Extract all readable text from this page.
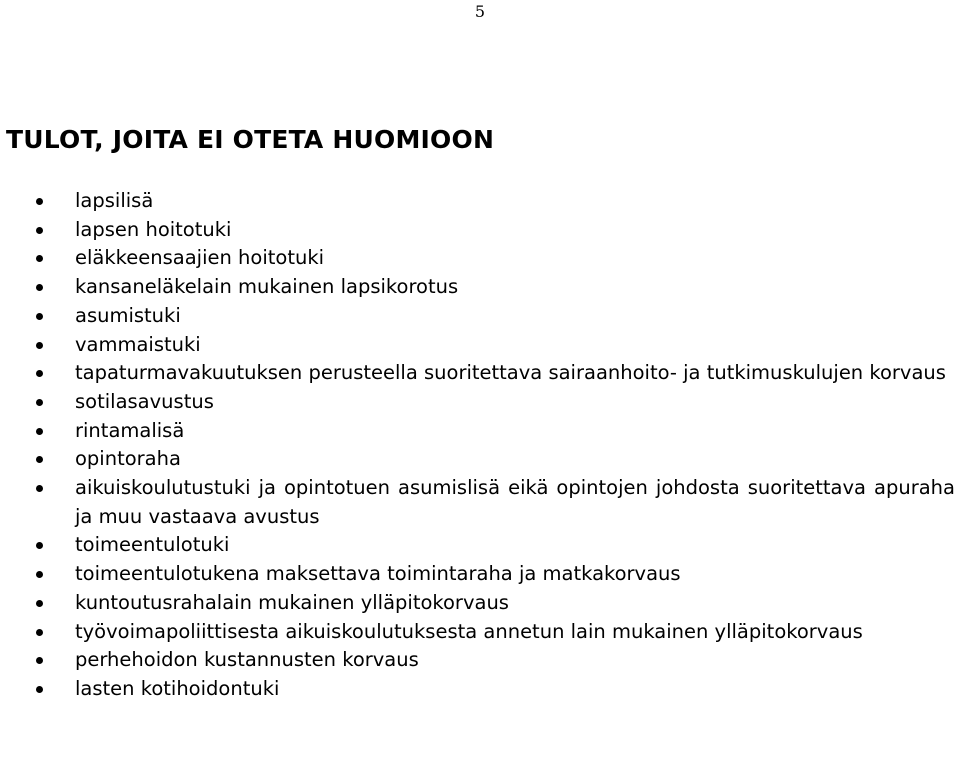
5
TULOT, JOITA EI OTETA HUOMIOON
lapsilisä
lapsen hoitotuki
eläkkeensaajien hoitotuki
kansaneläkelain mukainen lapsikorotus
asumistuki
vammaistuki
tapaturmavakuutuksen perusteella suoritettava sairaanhoito- ja tutkimuskulujen korvaus
sotilasavustus
rintamalisä
opintoraha
aikuiskoulutustuki ja opintotuen asumislisä eikä opintojen johdosta suoritettava apuraha ja muu vastaava avustus
toimeentulotuki
toimeentulotukena maksettava toimintaraha ja matkakorvaus
kuntoutusrahalain mukainen ylläpitokorvaus
työvoimapoliittisesta aikuiskoulutuksesta annetun lain mukainen ylläpitokorvaus
perhehoidon kustannusten korvaus
lasten kotihoidontuki
